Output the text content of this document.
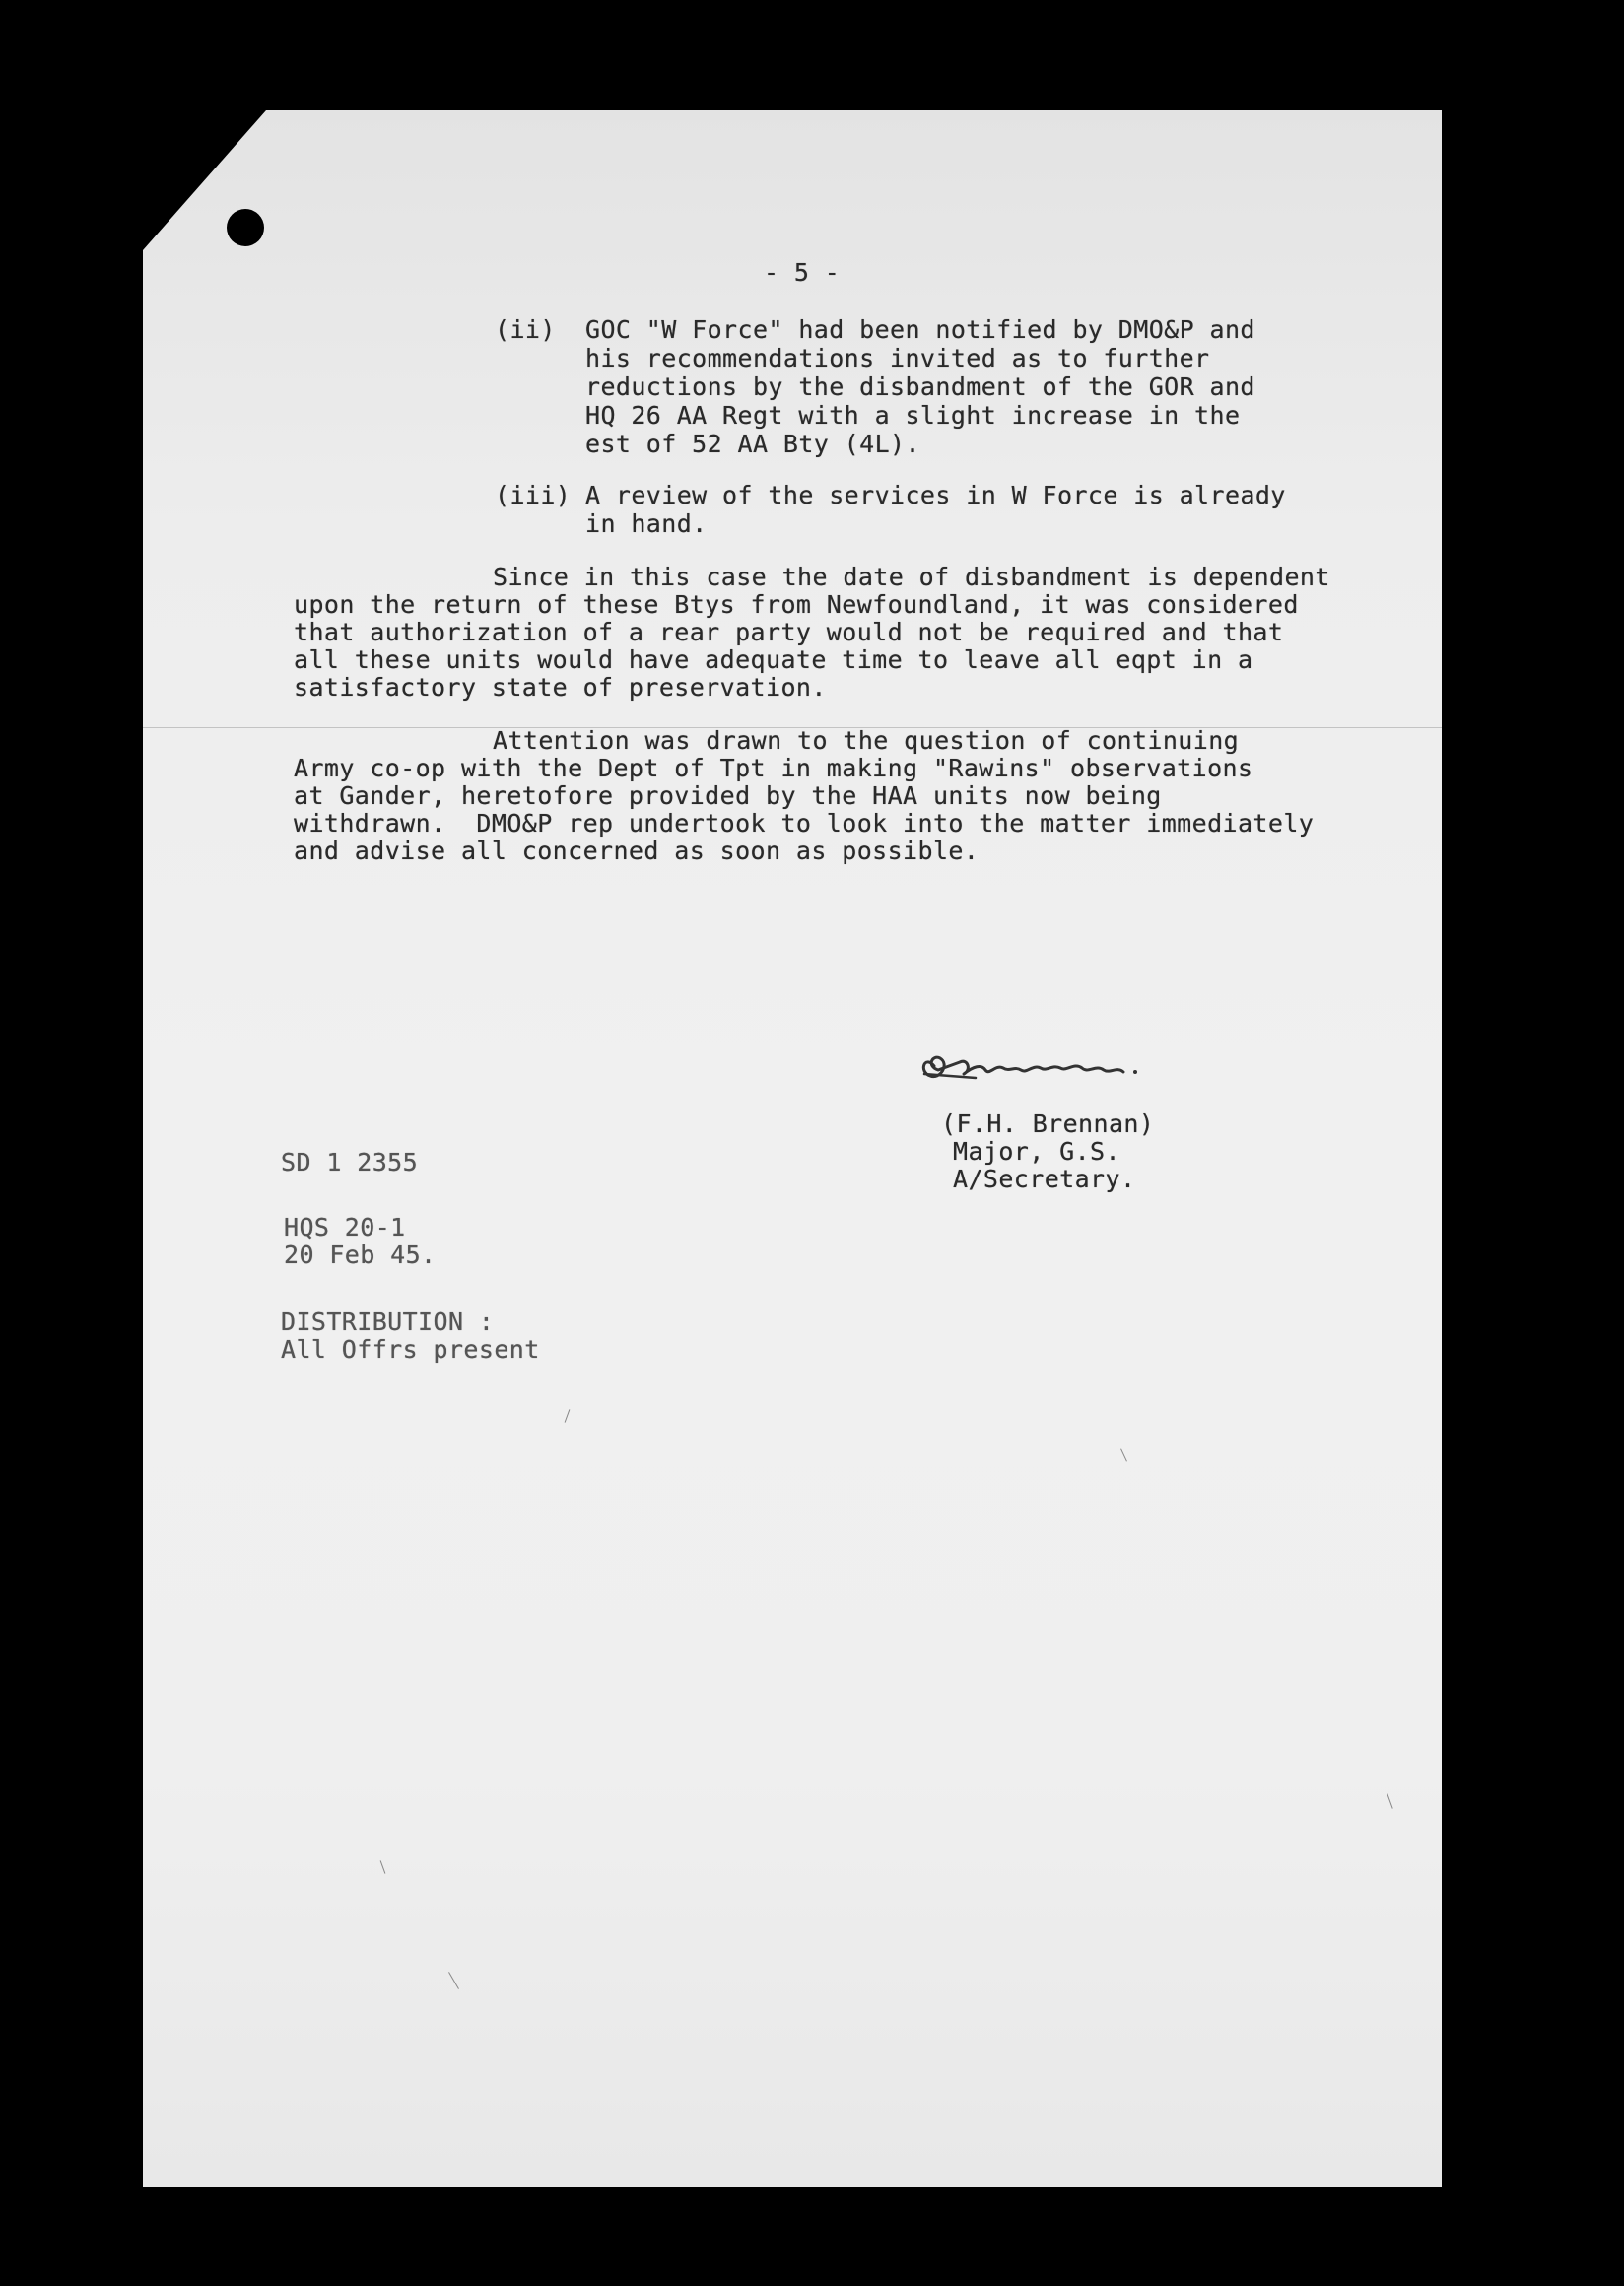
- 5 -

(ii) GOC "W Force" had been notified by DMO&P and

his recommendations invited as to further

reductions by the disbandment of the GOR and

HQ 26 AA Regt with a slight increase in the

est of 52 AA Bty (4L).

(iii) A review of the services in W Force is already

in hand.

Since in this case the date of disbandment is dependent

upon the return of these Btys from Newfoundland, it was considered

that authorization of a rear party would not be required and that

all these units would have adequate time to leave all eqpt in a

satisfactory state of preservation.

Attention was drawn to the question of continuing

Army co-op with the Dept of Tpt in making "Rawins" observations

at Gander, heretofore provided by the HAA units now being

withdrawn.  DMO&P rep undertook to look into the matter immediately

and advise all concerned as soon as possible.

(F.H. Brennan)

Major, G.S.

A/Secretary.

SD 1 2355

HQS 20-1

20 Feb 45.

DISTRIBUTION :

All Offrs present
